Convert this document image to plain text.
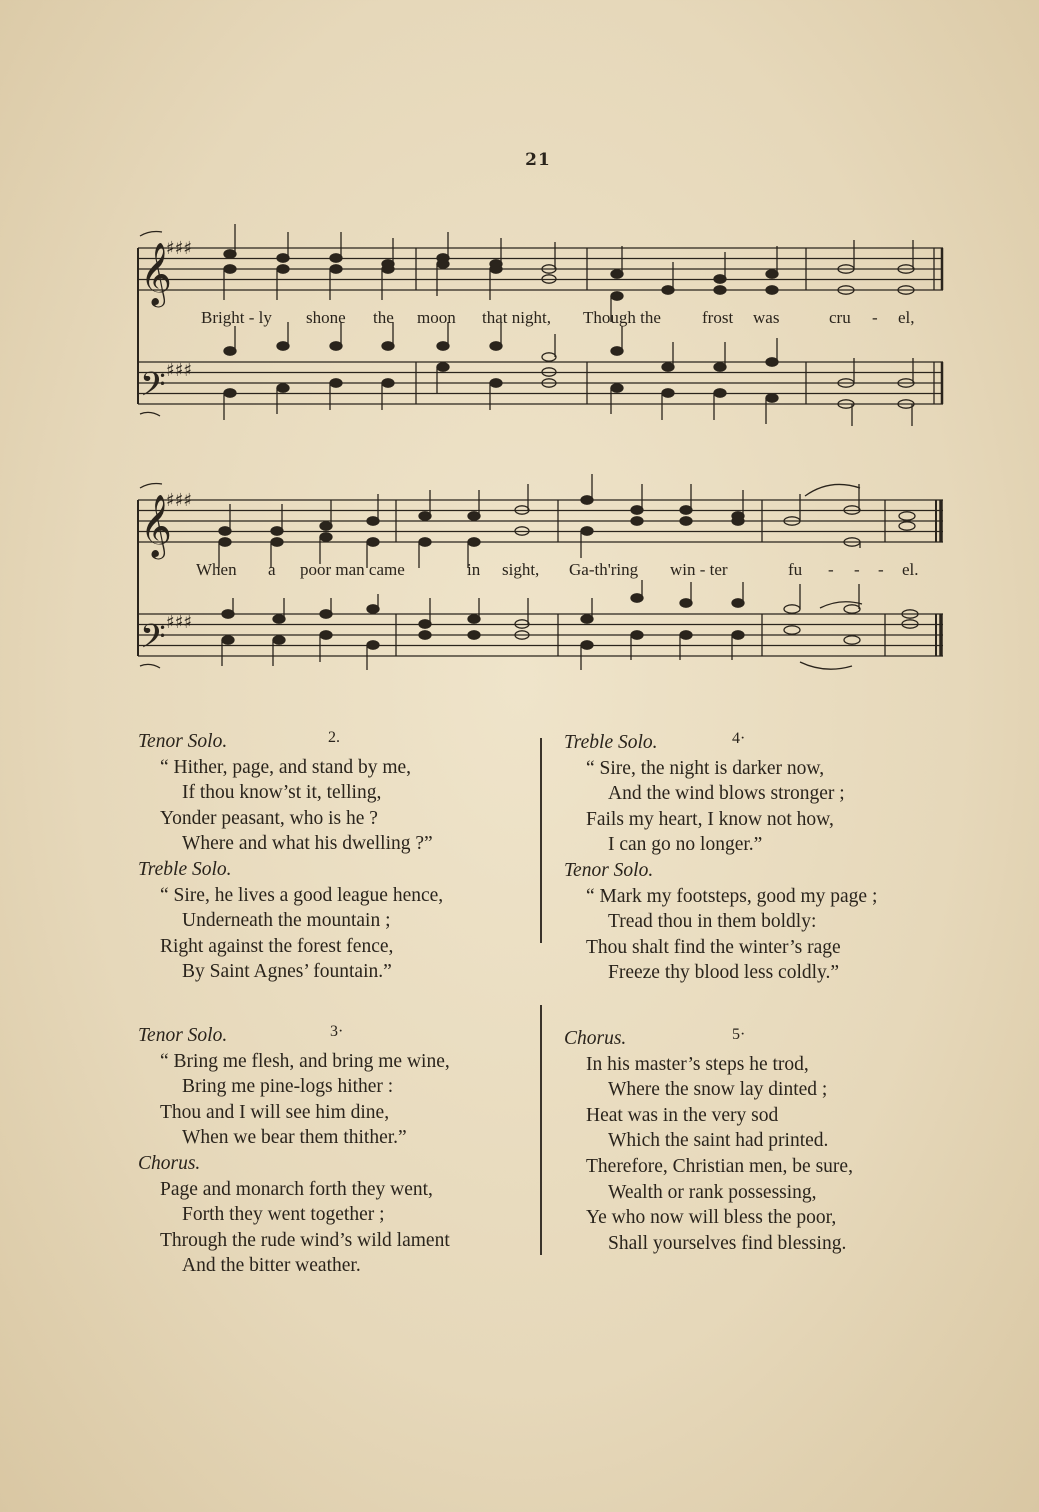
21
𝄞
𝄢
𝄞
𝄢
♯♯♯
♯♯♯
♯♯♯
♯♯♯
Bright - ly shone the moon that night, Though the frost was	cru - el,
When a poor man came	in sight, Ga-th'ring win - ter	fu - - - el.
Tenor Solo.	2.
“ Hither, page, and stand by me,
If thou know’st it, telling,
Yonder peasant, who is he ?
Where and what his dwelling ?”
Treble Solo.
“ Sire, he lives a good league hence,
Underneath the mountain ;
Right against the forest fence,
By Saint Agnes’ fountain.”
Tenor Solo.	3·
“ Bring me flesh, and bring me wine,
Bring me pine-logs hither :
Thou and I will see him dine,
When we bear them thither.”
Chorus.
Page and monarch forth they went,
Forth they went together ;
Through the rude wind’s wild lament
And the bitter weather.
Treble Solo.	4·
“ Sire, the night is darker now,
And the wind blows stronger ;
Fails my heart, I know not how,
I can go no longer.”
Tenor Solo.
“ Mark my footsteps, good my page ;
Tread thou in them boldly:
Thou shalt find the winter’s rage
Freeze thy blood less coldly.”
Chorus.	5·
In his master’s steps he trod,
Where the snow lay dinted ;
Heat was in the very sod
Which the saint had printed.
Therefore, Christian men, be sure,
Wealth or rank possessing,
Ye who now will bless the poor,
Shall yourselves find blessing.
